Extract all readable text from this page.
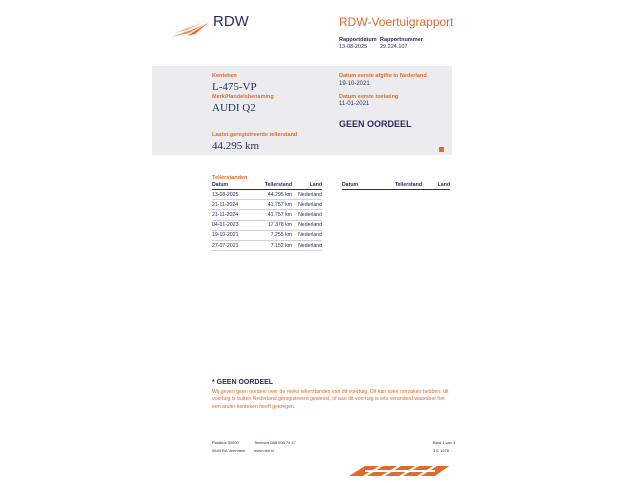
RDW	RDW-Voertuigrapport
Rapportdatum
13-08-2025
Rapportnummer
29.224.107
Kenteken
L-475-VP
Merk/Handelsbenaming
AUDI Q2
Laatst geregistreerde tellerstand
44.295 km
Datum eerste afgifte in Nederland
19-10-2021
Datum eerste toelating
11-01-2021
GEEN OORDEEL
Tellerstanden
Datum	Tellerstand	Land
13-08-2025	44.295 km	Nederland
21-11-2024	41.757 km	Nederland
21-11-2024	41.757 km	Nederland
04-01-2023	17.378 km	Nederland
19-10-2021	7.255 km	Nederland
27-07-2021	7.152 km	Nederland
Datum	Tellerstand	Land
* GEEN OORDEEL
Wij geven geen oordeel over de reeks tellerstanden van dit voertuig. Dit kan twee oorzaken hebben: dit voertuig is buiten Nederland geregistreerd geweest, of aan dit voertuig is iets veranderd waardoor het een ander kenteken heeft gekregen.
Postbus 30000
9640 RA Veendam
Telefoon 088 008 74 47
www.rdw.nl
Blad 1 van 3
3 E 1678
